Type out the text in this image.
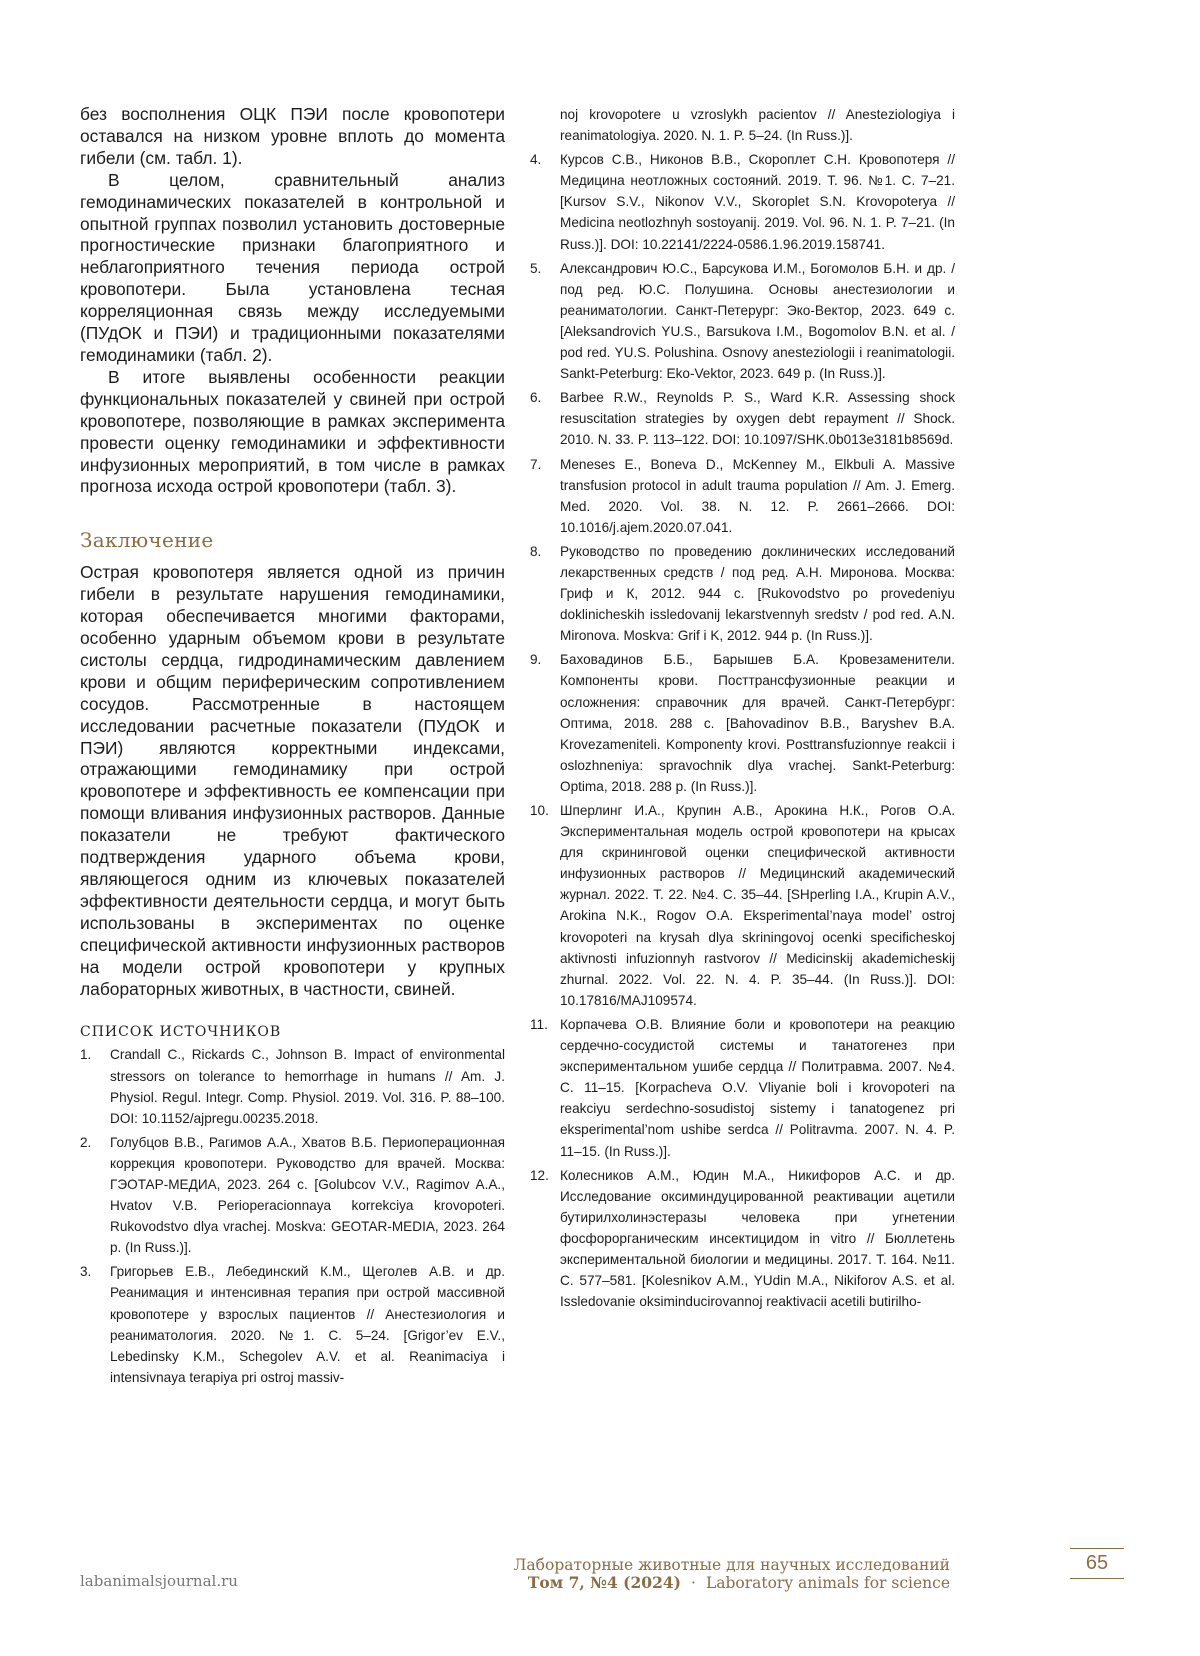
без восполнения ОЦК ПЭИ после кровопотери оставался на низком уровне вплоть до момента гибели (см. табл. 1).

В целом, сравнительный анализ гемодинамических показателей в контрольной и опытной группах позволил установить достоверные прогностические признаки благоприятного и неблагоприятного течения периода острой кровопотери. Была установлена тесная корреляционная связь между исследуемыми (ПУдОК и ПЭИ) и традиционными показателями гемодинамики (табл. 2).

В итоге выявлены особенности реакции функциональных показателей у свиней при острой кровопотере, позволяющие в рамках эксперимента провести оценку гемодинамики и эффективности инфузионных мероприятий, в том числе в рамках прогноза исхода острой кровопотери (табл. 3).

Заключение

Острая кровопотеря является одной из причин гибели в результате нарушения гемодинамики, которая обеспечивается многими факторами, особенно ударным объемом крови в результате систолы сердца, гидродинамическим давлением крови и общим периферическим сопротивлением сосудов. Рассмотренные в настоящем исследовании расчетные показатели (ПУдОК и ПЭИ) являются корректными индексами, отражающими гемодинамику при острой кровопотере и эффективность ее компенсации при помощи вливания инфузионных растворов. Данные показатели не требуют фактического подтверждения ударного объема крови, являющегося одним из ключевых показателей эффективности деятельности сердца, и могут быть использованы в экспериментах по оценке специфической активности инфузионных растворов на модели острой кровопотери у крупных лабораторных животных, в частности, свиней.

СПИСОК ИСТОЧНИКОВ
1. Crandall C., Rickards C., Johnson B. Impact of environmental stressors on tolerance to hemorrhage in humans // Am. J. Physiol. Regul. Integr. Comp. Physiol. 2019. Vol. 316. P. 88–100. DOI: 10.1152/ajpregu.00235.2018.
2. Голубцов В.В., Рагимов А.А., Хватов В.Б. Периоперационная коррекция кровопотери. Руководство для врачей. Москва: ГЭОТАР-МЕДИА, 2023. 264 с. [Golubcov V.V., Ragimov A.A., Hvatov V.B. Perioperacionnaya korrekciya krovopoteri. Rukovodstvo dlya vrachej. Moskva: GEOTAR-MEDIA, 2023. 264 p. (In Russ.)].
3. Григорьев Е.В., Лебединский К.М., Щеголев А.В. и др. Реанимация и интенсивная терапия при острой массивной кровопотере у взрослых пациентов // Анестезиология и реаниматология. 2020. №1. С. 5–24. [Grigor’ev E.V., Lebedinsky K.M., Schegolev A.V. et al. Reanimaciya i intensivnaya terapiya pri ostroj massiv-
noj krovopotere u vzroslykh pacientov // Anesteziologiya i reanimatologiya. 2020. N. 1. P. 5–24. (In Russ.)].
4. Курсов С.В., Никонов В.В., Скороплет С.Н. Кровопотеря // Медицина неотложных состояний. 2019. Т. 96. №1. С. 7–21. [Kursov S.V., Nikonov V.V., Skoroplet S.N. Krovopoterya // Medicina neotlozhnyh sostoyanij. 2019. Vol. 96. N. 1. P. 7–21. (In Russ.)]. DOI: 10.22141/2224-0586.1.96.2019.158741.
5. Александрович Ю.С., Барсукова И.М., Богомолов Б.Н. и др. / под ред. Ю.С. Полушина. Основы анестезиологии и реаниматологии. Санкт-Петеруpг: Эко-Вектор, 2023. 649 с. [Aleksandrovich YU.S., Barsukova I.M., Bogomolov B.N. et al. / pod red. YU.S. Polushina. Osnovy anesteziologii i reanimatologii. Sankt-Peterburg: Eko-Vektor, 2023. 649 p. (In Russ.)].
6. Barbee R.W., Reynolds P. S., Ward K.R. Assessing shock resuscitation strategies by oxygen debt repayment // Shock. 2010. N. 33. P. 113–122. DOI: 10.1097/SHK.0b013e3181b8569d.
7. Meneses E., Boneva D., McKenney M., Elkbuli A. Massive transfusion protocol in adult trauma population // Am. J. Emerg. Med. 2020. Vol. 38. N. 12. P. 2661–2666. DOI: 10.1016/j.ajem.2020.07.041.
8. Руководство по проведению доклинических исследований лекарственных средств / под ред. А.Н. Миронова. Москва: Гриф и К, 2012. 944 с. [Rukovodstvo po provedeniyu doklinicheskih issledovanij lekarstvennyh sredstv / pod red. A.N. Mironova. Moskva: Grif i K, 2012. 944 p. (In Russ.)].
9. Баховадинов Б.Б., Барышев Б.А. Кровезаменители. Компоненты крови. Посттрансфузионные реакции и осложнения: справочник для врачей. Санкт-Петербург: Оптима, 2018. 288 с. [Bahovadinov B.B., Baryshev B.A. Krovezameniteli. Komponenty krovi. Posttransfuzionnye reakcii i oslozhneniya: spravochnik dlya vrachej. Sankt-Peterburg: Optima, 2018. 288 p. (In Russ.)].
10. Шперлинг И.А., Крупин А.В., Арокина Н.К., Рогов О.А. Экспериментальная модель острой кровопотери на крысах для скрининговой оценки специфической активности инфузионных растворов // Медицинский академический журнал. 2022. Т. 22. №4. С. 35–44. [SHperling I.A., Krupin A.V., Arokina N.K., Rogov O.A. Eksperimental’naya model’ ostroj krovopoteri na krysah dlya skriningovoj ocenki specificheskoj aktivnosti infuzionnyh rastvorov // Medicinskij akademicheskij zhurnal. 2022. Vol. 22. N. 4. P. 35–44. (In Russ.)]. DOI: 10.17816/MAJ109574.
11. Корпачева О.В. Влияние боли и кровопотери на реакцию сердечно-сосудистой системы и танатогенез при экспериментальном ушибе сердца // Политравма. 2007. №4. С. 11–15. [Korpacheva O.V. Vliyanie boli i krovopoteri na reakciyu serdechno-sosudistoj sistemy i tanatogenez pri eksperimental’nom ushibe serdca // Politravma. 2007. N. 4. P. 11–15. (In Russ.)].
12. Колесников А.М., Юдин М.А., Никифоров А.С. и др. Исследование оксиминдуцированной реактивации ацетили бутирилхолинэстеразы человека при угнетении фосфорорганическим инсектицидом in vitro // Бюллетень экспериментальной биологии и медицины. 2017. Т. 164. №11. С. 577–581. [Kolesnikov A.M., YUdin M.A., Nikiforov A.S. et al. Issledovanie oksiminducirovannoj reaktivacii acetili butirilho-
labanimalsjournal.ru
Лабораторные животные для научных исследований
Том 7, №4 (2024) · Laboratory animals for science
65
